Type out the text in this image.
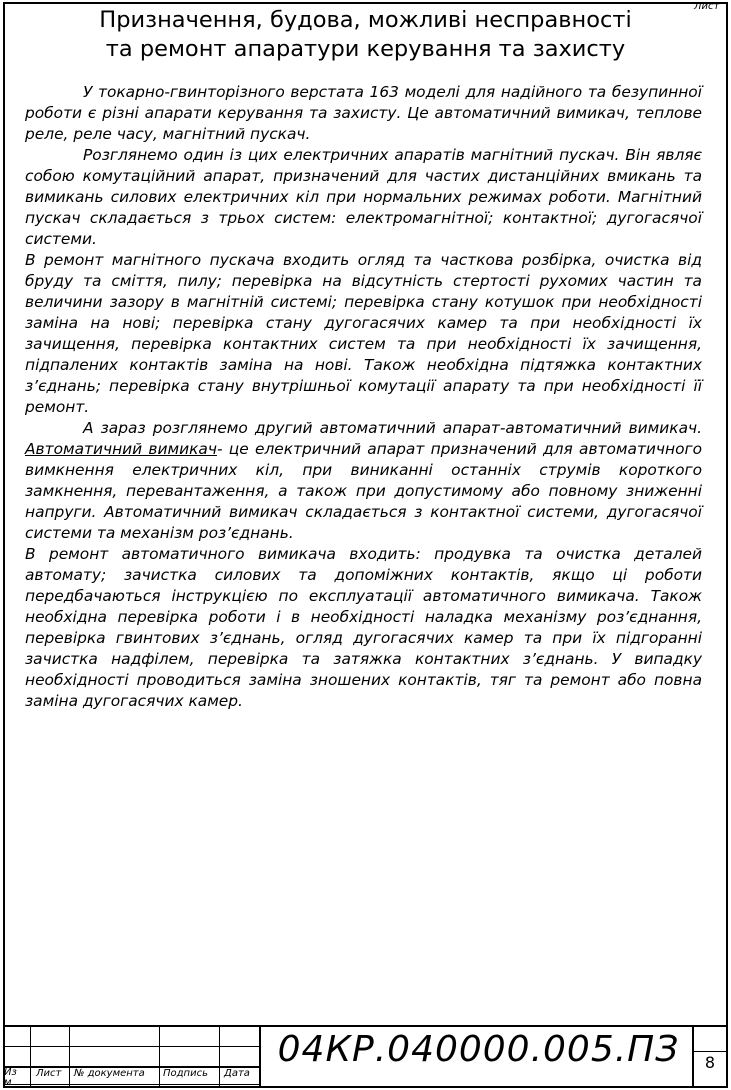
Призначення, будова, можливі несправності
та ремонт апаратури керування та захисту

У токарно-гвинторізного верстата 163 моделі для надійного та безупинної роботи є різні апарати керування та захисту. Це автоматичний вимикач, теплове реле, реле часу, магнітний пускач.

Розглянемо один із цих електричних апаратів магнітний пускач. Він являє собою комутаційний апарат, призначений для частих дистанційних вмикань та вимикань силових електричних кіл при нормальних режимах роботи. Магнітний пускач складається з трьох систем: електромагнітної; контактної; дугогасячої системи.

В ремонт магнітного пускача входить огляд та часткова розбірка, очистка від бруду та сміття, пилу; перевірка на відсутність стертості рухомих частин та величини зазору в магнітній системі; перевірка стану котушок при необхідності заміна на нові; перевірка стану дугогасячих камер та при необхідності їх зачищення, перевірка контактних систем та при необхідності їх зачищення, підпалених контактів заміна на нові. Також необхідна підтяжка контактних з’єднань; перевірка стану внутрішньої комутації апарату та при необхідності її ремонт.

А зараз розглянемо другий автоматичний апарат-автоматичний вимикач. Автоматичний вимикач- це електричний апарат призначений для автоматичного вимкнення електричних кіл, при виниканні останніх струмів короткого замкнення, перевантаження, а також при допустимому або повному зниженні напруги. Автоматичний вимикач складається з контактної системи, дугогасячої системи та механізм роз’єднань.

В ремонт автоматичного вимикача входить: продувка та очистка деталей автомату; зачистка силових та допоміжних контактів, якщо ці роботи передбачаються інструкцією по експлуатації автоматичного вимикача. Також необхідна перевірка роботи і в необхідності наладка механізму роз’єднання, перевірка гвинтових з’єднань, огляд дугогасячих камер та при їх підгоранні зачистка надфілем, перевірка та затяжка контактних з’єднань. У випадку необхідності проводиться заміна зношених контактів, тяг та ремонт або повна заміна дугогасячих камер.

Из
м
Лист № документа Подпись Дата
04КР.040000.005.ПЗ
Лист
8
